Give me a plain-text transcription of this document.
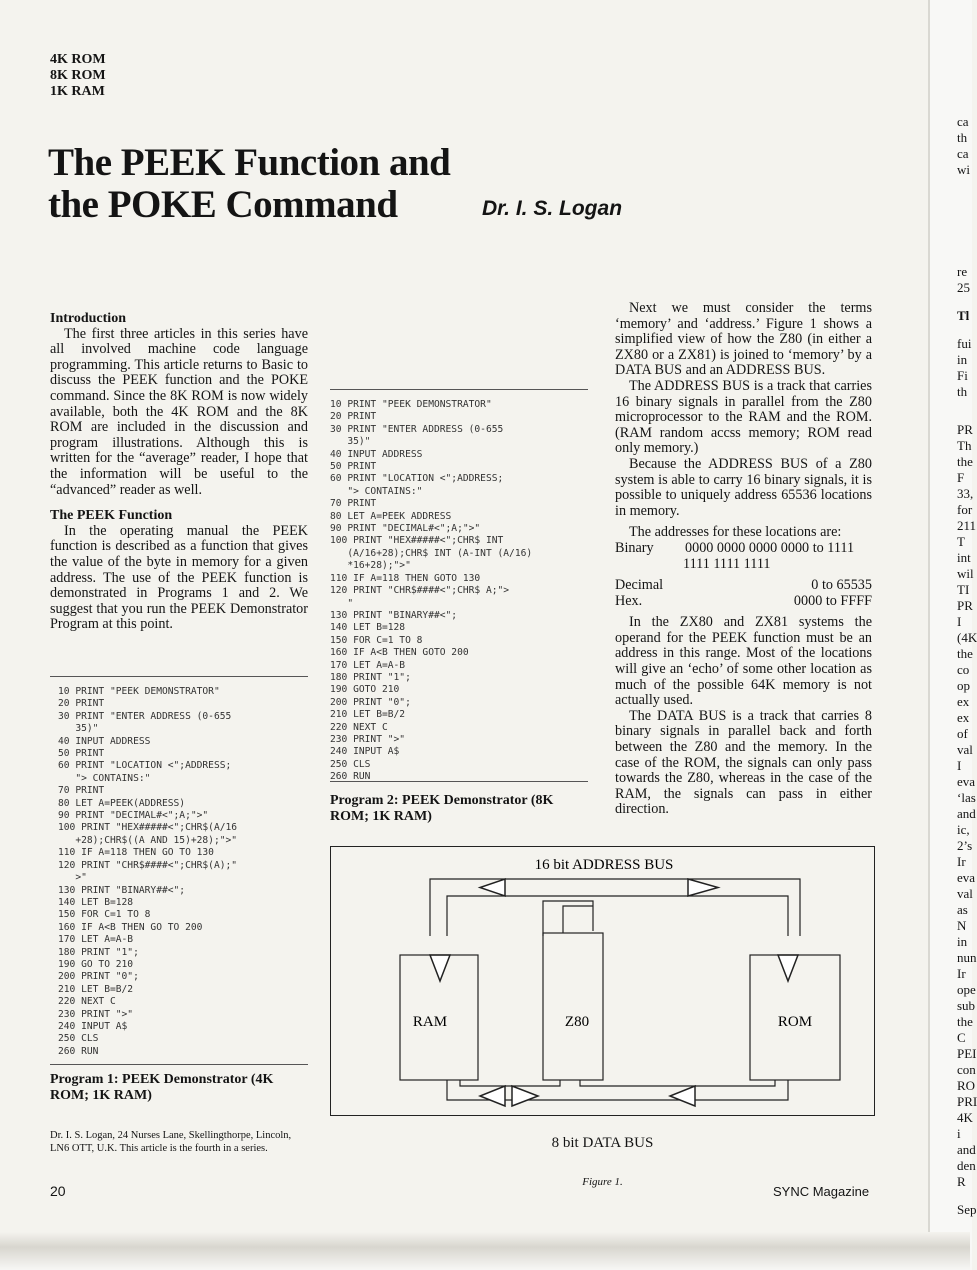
4K ROM
8K ROM
1K RAM
The PEEK Function and
the POKE Command	Dr. I. S. Logan
Introduction

The first three articles in this series have all involved machine code language programming. This article returns to Basic to discuss the PEEK function and the POKE command. Since the 8K ROM is now widely available, both the 4K ROM and the 8K ROM are included in the discussion and program illustrations. Although this is written for the “average” reader, I hope that the information will be useful to the “advanced” reader as well.

The PEEK Function

In the operating manual the PEEK function is described as a function that gives the value of the byte in memory for a given address. The use of the PEEK function is demonstrated in Programs 1 and 2. We suggest that you run the PEEK Demonstrator Program at this point.

10 PRINT "PEEK DEMONSTRATOR"
20 PRINT
30 PRINT "ENTER ADDRESS (0-655
35)"
40 INPUT ADDRESS
50 PRINT
60 PRINT "LOCATION <";ADDRESS;
"> CONTAINS:"
70 PRINT
80 LET A=PEEK(ADDRESS)
90 PRINT "DECIMAL#<";A;">"
100 PRINT "HEX#####<";CHR$(A/16
+28);CHR$((A AND 15)+28);">"
110 IF A=118 THEN GO TO 130
120 PRINT "CHR$####<";CHR$(A);"
>"
130 PRINT "BINARY##<";
140 LET B=128
150 FOR C=1 TO 8
160 IF A<B THEN GO TO 200
170 LET A=A-B
180 PRINT "1";
190 GO TO 210
200 PRINT "0";
210 LET B=B/2
220 NEXT C
230 PRINT ">"
240 INPUT A$
250 CLS
260 RUN
Program 1: PEEK Demonstrator (4K ROM; 1K RAM)
Dr. I. S. Logan, 24 Nurses Lane, Skellingthorpe, Lincoln, LN6 OTT, U.K. This article is the fourth in a series.
20
10 PRINT "PEEK DEMONSTRATOR"
20 PRINT
30 PRINT "ENTER ADDRESS (0-655
35)"
40 INPUT ADDRESS
50 PRINT
60 PRINT "LOCATION <";ADDRESS;
"> CONTAINS:"
70 PRINT
80 LET A=PEEK ADDRESS
90 PRINT "DECIMAL#<";A;">"
100 PRINT "HEX#####<";CHR$ INT
(A/16+28);CHR$ INT (A-INT (A/16)
*16+28);">"
110 IF A=118 THEN GOTO 130
120 PRINT "CHR$####<";CHR$ A;">
"
130 PRINT "BINARY##<";
140 LET B=128
150 FOR C=1 TO 8
160 IF A<B THEN GOTO 200
170 LET A=A-B
180 PRINT "1";
190 GOTO 210
200 PRINT "0";
210 LET B=B/2
220 NEXT C
230 PRINT ">"
240 INPUT A$
250 CLS
260 RUN
Program 2: PEEK Demonstrator (8K ROM; 1K RAM)

Next we must consider the terms ‘memory’ and ‘address.’ Figure 1 shows a simplified view of how the Z80 (in either a ZX80 or a ZX81) is joined to ‘memory’ by a DATA BUS and an ADDRESS BUS.

The ADDRESS BUS is a track that carries 16 binary signals in parallel from the Z80 microprocessor to the RAM and the ROM. (RAM random accss memory; ROM read only memory.)

Because the ADDRESS BUS of a Z80 system is able to carry 16 binary signals, it is possible to uniquely address 65536 locations in memory.

The addresses for these locations are:

Binary	0000 0000 0000 0000 to 1111
1111 1111 1111
Decimal	0 to 65535
Hex.	0000 to FFFF

In the ZX80 and ZX81 systems the operand for the PEEK function must be an address in this range. Most of the locations will give an ‘echo’ of some other location as much of the possible 64K memory is not actually used.

The DATA BUS is a track that carries 8 binary signals in parallel back and forth between the Z80 and the memory. In the case of the ROM, the signals can only pass towards the Z80, whereas in the case of the RAM, the signals can pass in either direction.

16 bit ADDRESS BUS
RAM	Z80	ROM
8 bit DATA BUS
Figure 1.
SYNC Magazine
ca
th
ca
wi
re
25
Tl
fui
in
Fi
th
PR
Th
the
F
33,
for
211
T
int
wil
TI
PR
I
(4K
the
co
op
ex
ex
of
val
I
eva
‘las
and
ic,
2’s
Ir
eva
val
as N
in
nun
Ir
ope
sub
the
C
PEI
con
RO
PRI
4K i
and
den
R
Sep
